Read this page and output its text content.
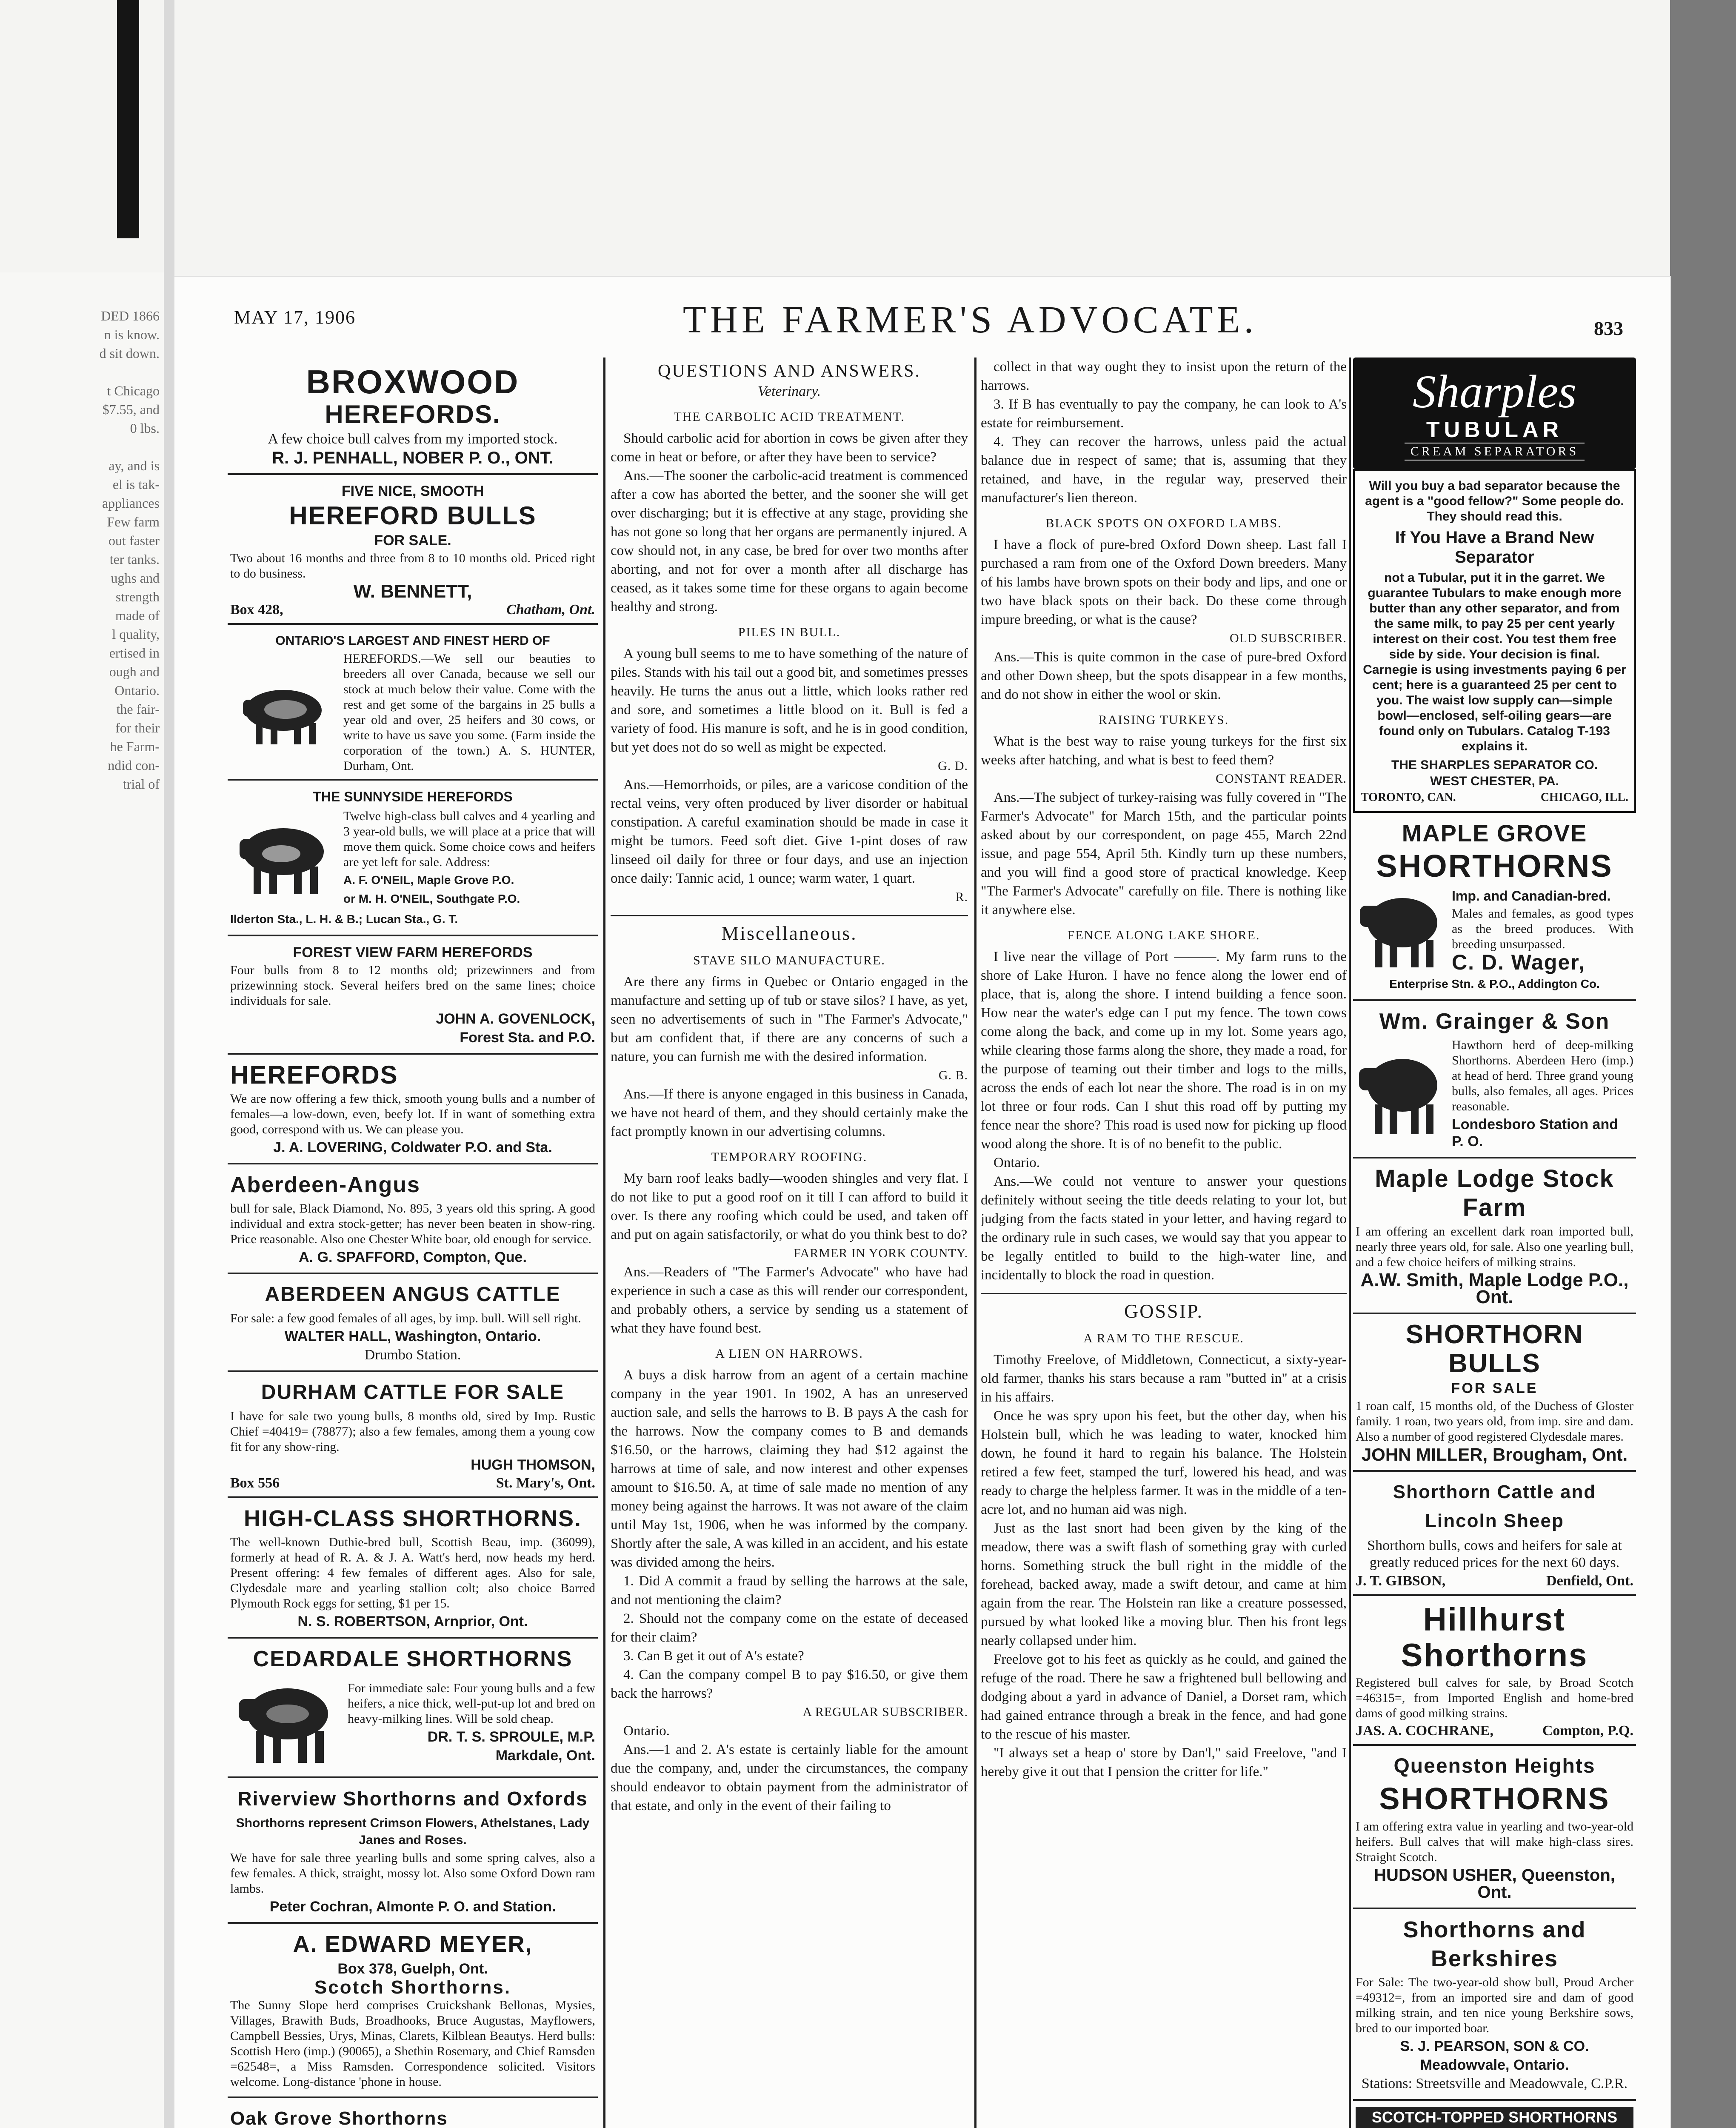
DED 1866
n is know.
d sit down.
t Chicago
$7.55, and
0 lbs.
ay, and is
el is tak-
appliances
Few farm
out faster
ter tanks.
ughs and
strength
made of
l quality,
ertised in
ough and
Ontario.
the fair-
for their
he Farm-
ndid con-
trial of
MAY 17, 1906	THE FARMER'S ADVOCATE.	833
BROXWOOD
HEREFORDS.

A few choice bull calves from my imported stock.

R. J. PENHALL, NOBER P. O., ONT.

FIVE NICE, SMOOTH

HEREFORD BULLS

FOR SALE.

Two about 16 months and three from 8 to 10 months old. Priced right to do business.

W. BENNETT,

Box 428,	Chatham, Ont.

ONTARIO'S LARGEST AND FINEST HERD OF

HEREFORDS.—We sell our beauties to breeders all over Canada, because we sell our stock at much below their value. Come with the rest and get some of the bargains in 25 bulls a year old and over, 25 heifers and 30 cows, or write to have us save you some. (Farm inside the corporation of the town.) A. S. HUNTER, Durham, Ont.

THE SUNNYSIDE HEREFORDS

Twelve high-class bull calves and 4 yearling and 3 year-old bulls, we will place at a price that will move them quick. Some choice cows and heifers are yet left for sale. Address:

A. F. O'NEIL, Maple Grove P.O.

or M. H. O'NEIL, Southgate P.O.

Ilderton Sta., L. H. & B.; Lucan Sta., G. T.

FOREST VIEW FARM HEREFORDS

Four bulls from 8 to 12 months old; prizewinners and from prizewinning stock. Several heifers bred on the same lines; choice individuals for sale.

JOHN A. GOVENLOCK,

Forest Sta. and P.O.

HEREFORDS

We are now offering a few thick, smooth young bulls and a number of females—a low-down, even, beefy lot. If in want of something extra good, correspond with us. We can please you.

J. A. LOVERING, Coldwater P.O. and Sta.

Aberdeen-Angus

bull for sale, Black Diamond, No. 895, 3 years old this spring. A good individual and extra stock-getter; has never been beaten in show-ring. Price reasonable. Also one Chester White boar, old enough for service.

A. G. SPAFFORD, Compton, Que.

ABERDEEN ANGUS CATTLE

For sale: a few good females of all ages, by imp. bull. Will sell right.

WALTER HALL, Washington, Ontario.

Drumbo Station.

DURHAM CATTLE FOR SALE

I have for sale two young bulls, 8 months old, sired by Imp. Rustic Chief =40419= (78877); also a few females, among them a young cow fit for any show-ring.

HUGH THOMSON,

Box 556	St. Mary's, Ont.
HIGH-CLASS SHORTHORNS.

The well-known Duthie-bred bull, Scottish Beau, imp. (36099), formerly at head of R. A. & J. A. Watt's herd, now heads my herd. Present offering: 4 few females of different ages. Also for sale, Clydesdale mare and yearling stallion colt; also choice Barred Plymouth Rock eggs for setting, $1 per 15.

N. S. ROBERTSON, Arnprior, Ont.

CEDARDALE SHORTHORNS

For immediate sale: Four young bulls and a few heifers, a nice thick, well-put-up lot and bred on heavy-milking lines. Will be sold cheap.

DR. T. S. SPROULE, M.P.

Markdale, Ont.

Riverview Shorthorns and Oxfords

Shorthorns represent Crimson Flowers, Athelstanes, Lady Janes and Roses.

We have for sale three yearling bulls and some spring calves, also a few females. A thick, straight, mossy lot. Also some Oxford Down ram lambs.

Peter Cochran, Almonte P. O. and Station.

A. EDWARD MEYER,

Box 378, Guelph, Ont.

Scotch Shorthorns.

The Sunny Slope herd comprises Cruickshank Bellonas, Mysies, Villages, Brawith Buds, Broadhooks, Bruce Augustas, Mayflowers, Campbell Bessies, Urys, Minas, Clarets, Kilblean Beautys. Herd bulls: Scottish Hero (imp.) (90065), a Shethin Rosemary, and Chief Ramsden =62548=, a Miss Ramsden. Correspondence solicited. Visitors welcome. Long-distance 'phone in house.

Oak Grove Shorthorns

QUESTIONS AND ANSWERS.
Veterinary.
THE CARBOLIC ACID TREATMENT.

Should carbolic acid for abortion in cows be given after they come in heat or before, or after they have been to service?

Ans.—The sooner the carbolic-acid treatment is commenced after a cow has aborted the better, and the sooner she will get over discharging; but it is effective at any stage, providing she has not gone so long that her organs are permanently injured. A cow should not, in any case, be bred for over two months after aborting, and not for over a month after all discharge has ceased, as it takes some time for these organs to again become healthy and strong.

PILES IN BULL.

A young bull seems to me to have something of the nature of piles. Stands with his tail out a good bit, and sometimes presses heavily. He turns the anus out a little, which looks rather red and sore, and sometimes a little blood on it. Bull is fed a variety of food. His manure is soft, and he is in good condition, but yet does not do so well as might be expected.

G. D.

Ans.—Hemorrhoids, or piles, are a varicose condition of the rectal veins, very often produced by liver disorder or habitual constipation. A careful examination should be made in case it might be tumors. Feed soft diet. Give 1-pint doses of raw linseed oil daily for three or four days, and use an injection once daily: Tannic acid, 1 ounce; warm water, 1 quart.

R.

Miscellaneous.
STAVE SILO MANUFACTURE.

Are there any firms in Quebec or Ontario engaged in the manufacture and setting up of tub or stave silos? I have, as yet, seen no advertisements of such in "The Farmer's Advocate," but am confident that, if there are any concerns of such a nature, you can furnish me with the desired information.

G. B.

Ans.—If there is anyone engaged in this business in Canada, we have not heard of them, and they should certainly make the fact promptly known in our advertising columns.

TEMPORARY ROOFING.

My barn roof leaks badly—wooden shingles and very flat. I do not like to put a good roof on it till I can afford to build it over. Is there any roofing which could be used, and taken off and put on again satisfactorily, or what do you think best to do?

FARMER IN YORK COUNTY.

Ans.—Readers of "The Farmer's Advocate" who have had experience in such a case as this will render our correspondent, and probably others, a service by sending us a statement of what they have found best.

A LIEN ON HARROWS.

A buys a disk harrow from an agent of a certain machine company in the year 1901. In 1902, A has an unreserved auction sale, and sells the harrows to B. B pays A the cash for the harrows. Now the company comes to B and demands $16.50, or the harrows, claiming they had $12 against the harrows at time of sale, and now interest and other expenses amount to $16.50. A, at time of sale made no mention of any money being against the harrows. It was not aware of the claim until May 1st, 1906, when he was informed by the company. Shortly after the sale, A was killed in an accident, and his estate was divided among the heirs.

1. Did A commit a fraud by selling the harrows at the sale, and not mentioning the claim?

2. Should not the company come on the estate of deceased for their claim?

3. Can B get it out of A's estate?

4. Can the company compel B to pay $16.50, or give them back the harrows?

A REGULAR SUBSCRIBER.

Ontario.

Ans.—1 and 2. A's estate is certainly liable for the amount due the company, and, under the circumstances, the company should endeavor to obtain payment from the administrator of that estate, and only in the event of their failing to

collect in that way ought they to insist upon the return of the harrows.

3. If B has eventually to pay the company, he can look to A's estate for reimbursement.

4. They can recover the harrows, unless paid the actual balance due in respect of same; that is, assuming that they retained, and have, in the regular way, preserved their manufacturer's lien thereon.

BLACK SPOTS ON OXFORD LAMBS.

I have a flock of pure-bred Oxford Down sheep. Last fall I purchased a ram from one of the Oxford Down breeders. Many of his lambs have brown spots on their body and lips, and one or two have black spots on their back. Do these come through impure breeding, or what is the cause?

OLD SUBSCRIBER.

Ans.—This is quite common in the case of pure-bred Oxford and other Down sheep, but the spots disappear in a few months, and do not show in either the wool or skin.

RAISING TURKEYS.

What is the best way to raise young turkeys for the first six weeks after hatching, and what is best to feed them?

CONSTANT READER.

Ans.—The subject of turkey-raising was fully covered in "The Farmer's Advocate" for March 15th, and the particular points asked about by our correspondent, on page 455, March 22nd issue, and page 554, April 5th. Kindly turn up these numbers, and you will find a good store of practical knowledge. Keep "The Farmer's Advocate" carefully on file. There is nothing like it anywhere else.

FENCE ALONG LAKE SHORE.

I live near the village of Port ———. My farm runs to the shore of Lake Huron. I have no fence along the lower end of place, that is, along the shore. I intend building a fence soon. How near the water's edge can I put my fence. The town cows come along the back, and come up in my lot. Some years ago, while clearing those farms along the shore, they made a road, for the purpose of teaming out their timber and logs to the mills, across the ends of each lot near the shore. The road is in on my lot three or four rods. Can I shut this road off by putting my fence near the shore? This road is used now for picking up flood wood along the shore. It is of no benefit to the public.

Ontario.

Ans.—We could not venture to answer your questions definitely without seeing the title deeds relating to your lot, but judging from the facts stated in your letter, and having regard to the ordinary rule in such cases, we would say that you appear to be legally entitled to build to the high-water line, and incidentally to block the road in question.

GOSSIP.
A RAM TO THE RESCUE.

Timothy Freelove, of Middletown, Connecticut, a sixty-year-old farmer, thanks his stars because a ram "butted in" at a crisis in his affairs.

Once he was spry upon his feet, but the other day, when his Holstein bull, which he was leading to water, knocked him down, he found it hard to regain his balance. The Holstein retired a few feet, stamped the turf, lowered his head, and was ready to charge the helpless farmer. It was in the middle of a ten-acre lot, and no human aid was nigh.

Just as the last snort had been given by the king of the meadow, there was a swift flash of something gray with curled horns. Something struck the bull right in the middle of the forehead, backed away, made a swift detour, and came at him again from the rear. The Holstein ran like a creature possessed, pursued by what looked like a moving blur. Then his front legs nearly collapsed under him.

Freelove got to his feet as quickly as he could, and gained the refuge of the road. There he saw a frightened bull bellowing and dodging about a yard in advance of Daniel, a Dorset ram, which had gained entrance through a break in the fence, and had gone to the rescue of his master.

"I always set a heap o' store by Dan'l," said Freelove, "and I hereby give it out that I pension the critter for life."

Sharples
TUBULAR
CREAM SEPARATORS

Will you buy a bad separator because the agent is a "good fellow?" Some people do. They should read this.

If You Have a Brand New Separator

not a Tubular, put it in the garret. We guarantee Tubulars to make enough more butter than any other separator, and from the same milk, to pay 25 per cent yearly interest on their cost. You test them free side by side. Your decision is final. Carnegie is using investments paying 6 per cent; here is a guaranteed 25 per cent to you. The waist low supply can—simple bowl—enclosed, self-oiling gears—are found only on Tubulars. Catalog T-193 explains it.

THE SHARPLES SEPARATOR CO.

WEST CHESTER, PA.

TORONTO, CAN.	CHICAGO, ILL.
MAPLE GROVE
SHORTHORNS

Imp. and Canadian-bred.

Males and females, as good types as the breed produces. With breeding unsurpassed.

C. D. Wager,

Enterprise Stn. & P.O., Addington Co.

Wm. Grainger & Son

Hawthorn herd of deep-milking Shorthorns. Aberdeen Hero (imp.) at head of herd. Three grand young bulls, also females, all ages. Prices reasonable.

Londesboro Station and P. O.

Maple Lodge Stock Farm

I am offering an excellent dark roan imported bull, nearly three years old, for sale. Also one yearling bull, and a few choice heifers of milking strains.

A.W. Smith, Maple Lodge P.O., Ont.

SHORTHORN BULLS

FOR SALE

1 roan calf, 15 months old, of the Duchess of Gloster family. 1 roan, two years old, from imp. sire and dam. Also a number of good registered Clydesdale mares.

JOHN MILLER, Brougham, Ont.

Shorthorn Cattle and Lincoln Sheep

Shorthorn bulls, cows and heifers for sale at greatly reduced prices for the next 60 days.

J. T. GIBSON,	Denfield, Ont.
Hillhurst Shorthorns

Registered bull calves for sale, by Broad Scotch =46315=, from Imported English and home-bred dams of good milking strains.

JAS. A. COCHRANE,	Compton, P.Q.
Queenston Heights
SHORTHORNS

I am offering extra value in yearling and two-year-old heifers. Bull calves that will make high-class sires. Straight Scotch.

HUDSON USHER, Queenston, Ont.

Shorthorns and Berkshires

For Sale: The two-year-old show bull, Proud Archer =49312=, from an imported sire and dam of good milking strain, and ten nice young Berkshire sows, bred to our imported boar.

S. J. PEARSON, SON & CO.

Meadowvale, Ontario.

Stations: Streetsville and Meadowvale, C.P.R.

SCOTCH-TOPPED SHORTHORNS
